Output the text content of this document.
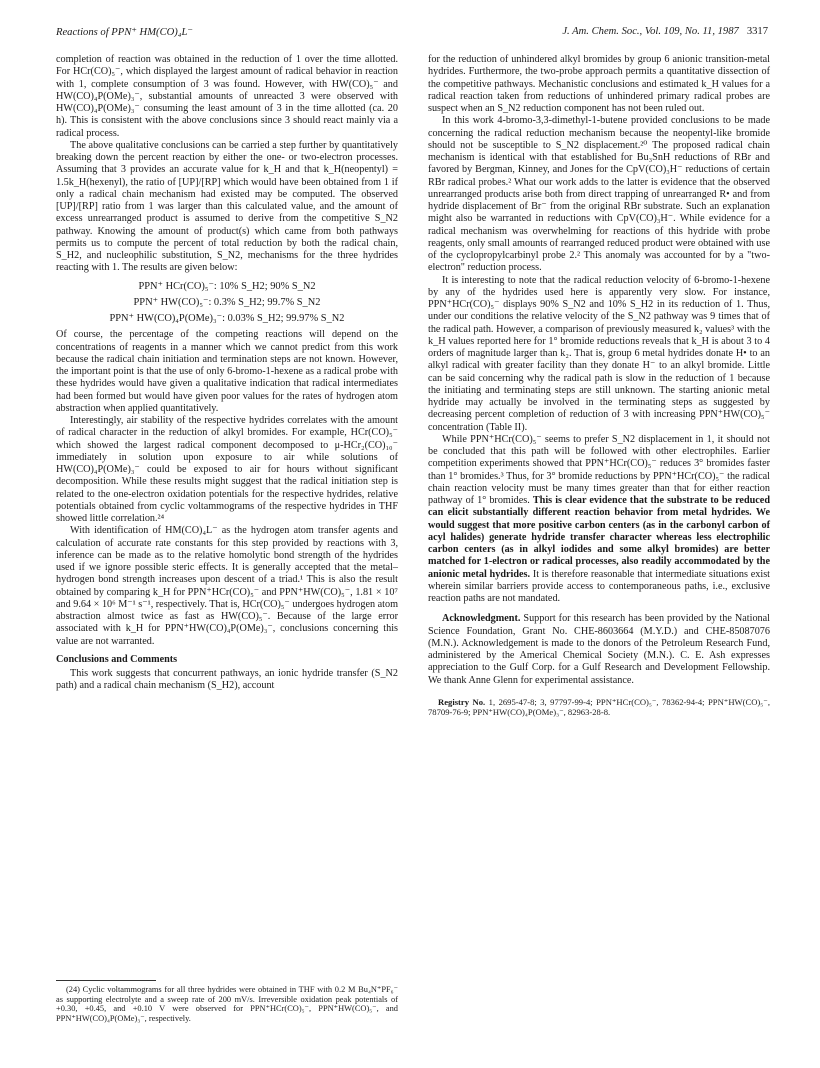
Reactions of PPN⁺ HM(CO)₄L⁻	J. Am. Chem. Soc., Vol. 109, No. 11, 1987 3317

completion of reaction was obtained in the reduction of 1 over the time allotted. For HCr(CO)₅⁻, which displayed the largest amount of radical behavior in reaction with 1, complete consumption of 3 was found. However, with HW(CO)₅⁻ and HW(CO)₄P(OMe)₃⁻, substantial amounts of unreacted 3 were observed with HW(CO)₄P(OMe)₃⁻ consuming the least amount of 3 in the time allotted (ca. 20 h). This is consistent with the above conclusions since 3 should react mainly via a radical process.

The above qualitative conclusions can be carried a step further by quantitatively breaking down the percent reaction by either the one- or two-electron processes. Assuming that 3 provides an accurate value for k_H and that k_H(neopentyl) = 1.5k_H(hexenyl), the ratio of [UP]/[RP] which would have been obtained from 1 if only a radical chain mechanism had existed may be computed. The observed [UP]/[RP] ratio from 1 was larger than this calculated value, and the amount of excess unrearranged product is assumed to derive from the competitive S_N2 pathway. Knowing the amount of product(s) which came from both pathways permits us to compute the percent of total reduction by both the radical chain, S_H2, and nucleophilic substitution, S_N2, mechanisms for the three hydrides reacting with 1. The results are given below:

PPN⁺ HCr(CO)₅⁻: 10% S_H2; 90% S_N2
PPN⁺ HW(CO)₅⁻: 0.3% S_H2; 99.7% S_N2
PPN⁺ HW(CO)₄P(OMe)₃⁻: 0.03% S_H2; 99.97% S_N2

Of course, the percentage of the competing reactions will depend on the concentrations of reagents in a manner which we cannot predict from this work because the radical chain initiation and termination steps are not known. However, the important point is that the use of only 6-bromo-1-hexene as a radical probe with these hydrides would have given a qualitative indication that radical intermediates had been formed but would have given poor values for the rates of hydrogen atom abstraction when applied quantitatively.

Interestingly, air stability of the respective hydrides correlates with the amount of radical character in the reduction of alkyl bromides. For example, HCr(CO)₅⁻ which showed the largest radical component decomposed to μ-HCr₂(CO)₁₀⁻ immediately in solution upon exposure to air while solutions of HW(CO)₄P(OMe)₃⁻ could be exposed to air for hours without significant decomposition. While these results might suggest that the radical initiation step is related to the one-electron oxidation potentials for the respective hydrides, relative potentials obtained from cyclic voltammograms of the respective hydrides in THF showed little correlation.²⁴

With identification of HM(CO)₄L⁻ as the hydrogen atom transfer agents and calculation of accurate rate constants for this step provided by reactions with 3, inference can be made as to the relative homolytic bond strength of the hydrides used if we ignore possible steric effects. It is generally accepted that the metal–hydrogen bond strength increases upon descent of a triad.¹ This is also the result obtained by comparing k_H for PPN⁺HCr(CO)₅⁻ and PPN⁺HW(CO)₅⁻, 1.81 × 10⁷ and 9.64 × 10⁶ M⁻¹ s⁻¹, respectively. That is, HCr(CO)₅⁻ undergoes hydrogen atom abstraction almost twice as fast as HW(CO)₅⁻. Because of the large error associated with k_H for PPN⁺HW(CO)₄P(OMe)₃⁻, conclusions concerning this value are not warranted.

Conclusions and Comments

This work suggests that concurrent pathways, an ionic hydride transfer (S_N2 path) and a radical chain mechanism (S_H2), account

(24) Cyclic voltammograms for all three hydrides were obtained in THF with 0.2 M Bu₄N⁺PF₆⁻ as supporting electrolyte and a sweep rate of 200 mV/s. Irreversible oxidation peak potentials of +0.30, +0.45, and +0.10 V were observed for PPN⁺HCr(CO)₅⁻, PPN⁺HW(CO)₅⁻, and PPN⁺HW(CO)₄P(OMe)₃⁻, respectively.

for the reduction of unhindered alkyl bromides by group 6 anionic transition-metal hydrides. Furthermore, the two-probe approach permits a quantitative dissection of the competitive pathways. Mechanistic conclusions and estimated k_H values for a radical reaction taken from reductions of unhindered primary radical probes are suspect when an S_N2 reduction component has not been ruled out.

In this work 4-bromo-3,3-dimethyl-1-butene provided conclusions to be made concerning the radical reduction mechanism because the neopentyl-like bromide should not be susceptible to S_N2 displacement.²⁰ The proposed radical chain mechanism is identical with that established for Bu₃SnH reductions of RBr and favored by Bergman, Kinney, and Jones for the CpV(CO)₃H⁻ reductions of certain RBr radical probes.² What our work adds to the latter is evidence that the observed unrearranged products arise both from direct trapping of unrearranged R• and from hydride displacement of Br⁻ from the original RBr substrate. Such an explanation might also be warranted in reductions with CpV(CO)₃H⁻. While evidence for a radical mechanism was overwhelming for reactions of this hydride with probe reagents, only small amounts of rearranged reduced product were obtained with use of the cyclopropylcarbinyl probe 2.² This anomaly was accounted for by a "two-electron" reduction process.

It is interesting to note that the radical reduction velocity of 6-bromo-1-hexene by any of the hydrides used here is apparently very slow. For instance, PPN⁺HCr(CO)₅⁻ displays 90% S_N2 and 10% S_H2 in its reduction of 1. Thus, under our conditions the relative velocity of the S_N2 pathway was 9 times that of the radical path. However, a comparison of previously measured k₂ values³ with the k_H values reported here for 1° bromide reductions reveals that k_H is about 3 to 4 orders of magnitude larger than k₂. That is, group 6 metal hydrides donate H• to an alkyl radical with greater facility than they donate H⁻ to an alkyl bromide. Little can be said concerning why the radical path is slow in the reduction of 1 because the initiating and terminating steps are still unknown. The starting anionic metal hydride may actually be involved in the terminating steps as suggested by decreasing percent completion of reduction of 3 with increasing PPN⁺HW(CO)₅⁻ concentration (Table II).

While PPN⁺HCr(CO)₅⁻ seems to prefer S_N2 displacement in 1, it should not be concluded that this path will be followed with other electrophiles. Earlier competition experiments showed that PPN⁺HCr(CO)₅⁻ reduces 3° bromides faster than 1° bromides.³ Thus, for 3° bromide reductions by PPN⁺HCr(CO)₅⁻ the radical chain reaction velocity must be many times greater than that for either reaction pathway of 1° bromides. This is clear evidence that the substrate to be reduced can elicit substantially different reaction behavior from metal hydrides. We would suggest that more positive carbon centers (as in the carbonyl carbon of acyl halides) generate hydride transfer character whereas less electrophilic carbon centers (as in alkyl iodides and some alkyl bromides) are better matched for 1-electron or radical processes, also readily accommodated by the anionic metal hydrides. It is therefore reasonable that intermediate situations exist wherein similar barriers provide access to contemporaneous paths, i.e., exclusive reaction paths are not mandated.

Acknowledgment. Support for this research has been provided by the National Science Foundation, Grant No. CHE-8603664 (M.Y.D.) and CHE-85087076 (M.N.). Acknowledgement is made to the donors of the Petroleum Research Fund, administered by the Americal Chemical Society (M.N.). C. E. Ash expresses appreciation to the Gulf Corp. for a Gulf Research and Development Fellowship. We thank Anne Glenn for experimental assistance.

Registry No. 1, 2695-47-8; 3, 97797-99-4; PPN⁺HCr(CO)₅⁻, 78362-94-4; PPN⁺HW(CO)₅⁻, 78709-76-9; PPN⁺HW(CO)₄P(OMe)₃⁻, 82963-28-8.
